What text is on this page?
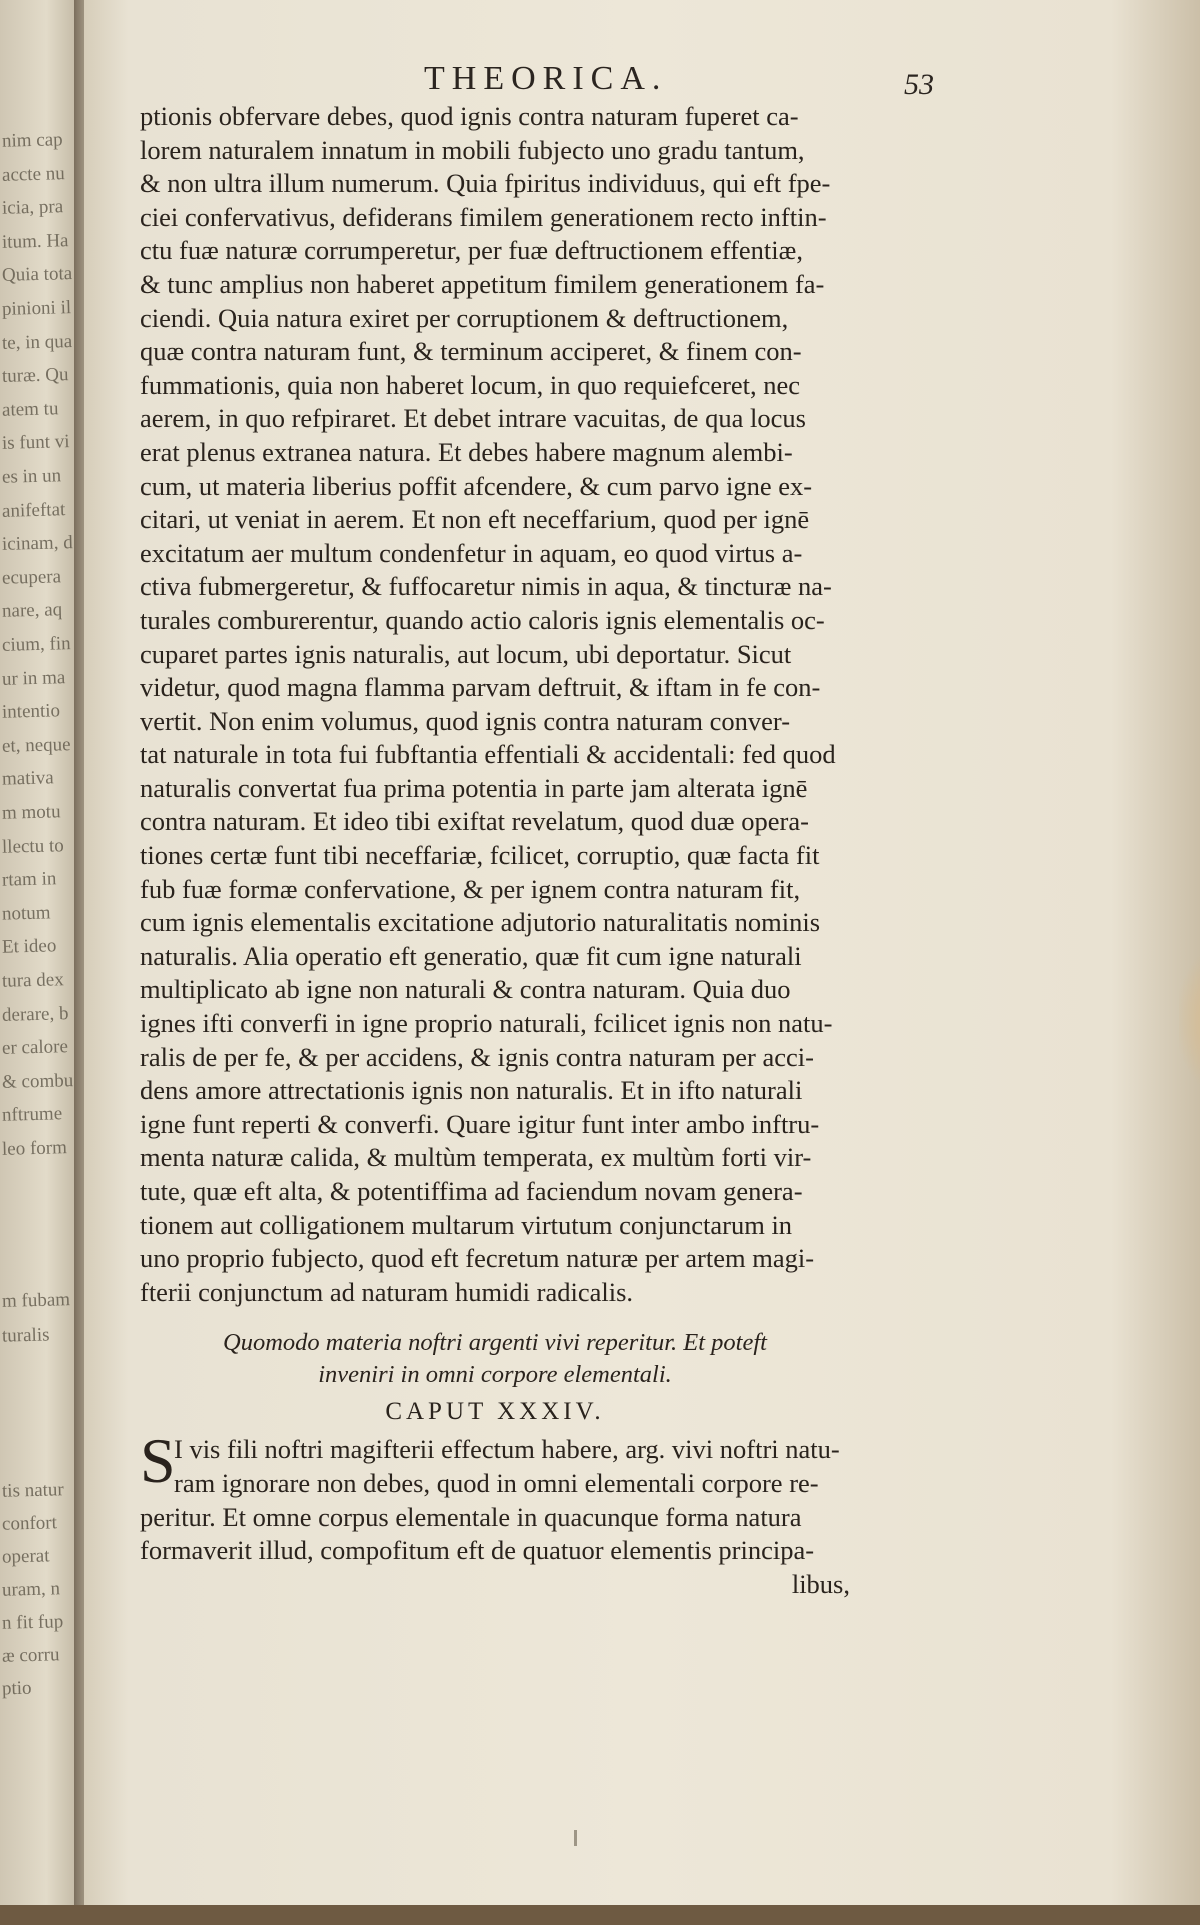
nim cap
accte nu
icia, pra
itum. Ha
Quia tota
pinioni il
te, in qua
turæ. Qu
atem tu
is funt vi
es in un
anifeftat
icinam, d
ecupera
nare, aq
cium, fin
ur in ma
intentio
et, neque
mativa
m motu
llectu to
rtam in
notum
Et ideo
tura dex
derare, b
er calore
& combu
nftrume
leo form
m fubam
turalis
tis natur
confort
operat
uram, n
n fit fup
æ corru
ptio
THEORICA.	53
ptionis obfervare debes, quod ignis contra naturam fuperet ca-
lorem naturalem innatum in mobili fubjecto uno gradu tantum,
& non ultra illum numerum. Quia fpiritus individuus, qui eft fpe-
ciei confervativus, defiderans fimilem generationem recto inftin-
ctu fuæ naturæ corrumperetur, per fuæ deftructionem effentiæ,
& tunc amplius non haberet appetitum fimilem generationem fa-
ciendi. Quia natura exiret per corruptionem & deftructionem,
quæ contra naturam funt, & terminum acciperet, & finem con-
fummationis, quia non haberet locum, in quo requiefceret, nec
aerem, in quo refpiraret. Et debet intrare vacuitas, de qua locus
erat plenus extranea natura. Et debes habere magnum alembi-
cum, ut materia liberius poffit afcendere, & cum parvo igne ex-
citari, ut veniat in aerem. Et non eft neceffarium, quod per ignē
excitatum aer multum condenfetur in aquam, eo quod virtus a-
ctiva fubmergeretur, & fuffocaretur nimis in aqua, & tincturæ na-
turales comburerentur, quando actio caloris ignis elementalis oc-
cuparet partes ignis naturalis, aut locum, ubi deportatur. Sicut
videtur, quod magna flamma parvam deftruit, & iftam in fe con-
vertit. Non enim volumus, quod ignis contra naturam conver-
tat naturale in tota fui fubftantia effentiali & accidentali: fed quod
naturalis convertat fua prima potentia in parte jam alterata ignē
contra naturam. Et ideo tibi exiftat revelatum, quod duæ opera-
tiones certæ funt tibi neceffariæ, fcilicet, corruptio, quæ facta fit
fub fuæ formæ confervatione, & per ignem contra naturam fit,
cum ignis elementalis excitatione adjutorio naturalitatis nominis
naturalis. Alia operatio eft generatio, quæ fit cum igne naturali
multiplicato ab igne non naturali & contra naturam. Quia duo
ignes ifti converfi in igne proprio naturali, fcilicet ignis non natu-
ralis de per fe, & per accidens, & ignis contra naturam per acci-
dens amore attrectationis ignis non naturalis. Et in ifto naturali
igne funt reperti & converfi. Quare igitur funt inter ambo inftru-
menta naturæ calida, & multùm temperata, ex multùm forti vir-
tute, quæ eft alta, & potentiffima ad faciendum novam genera-
tionem aut colligationem multarum virtutum conjunctarum in
uno proprio fubjecto, quod eft fecretum naturæ per artem magi-
fterii conjunctum ad naturam humidi radicalis.
Quomodo materia noftri argenti vivi reperitur. Et poteft
inveniri in omni corpore elementali.
CAPUT XXXIV.
S
I vis fili noftri magifterii effectum habere, arg. vivi noftri natu-
ram ignorare non debes, quod in omni elementali corpore re-
peritur. Et omne corpus elementale in quacunque forma natura
formaverit illud, compofitum eft de quatuor elementis principa-
libus,
